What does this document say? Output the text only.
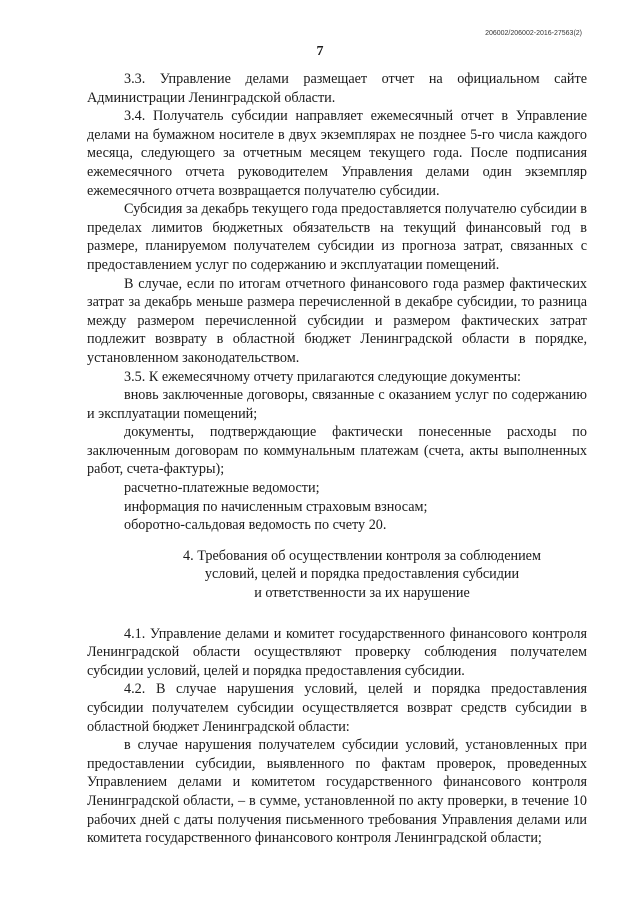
206002/206002-2016-27563(2)
7

3.3. Управление делами размещает отчет на официальном сайте Администрации Ленинградской области.

3.4. Получатель субсидии направляет ежемесячный отчет в Управление делами на бумажном носителе в двух экземплярах не позднее 5-го числа каждого месяца, следующего за отчетным месяцем текущего года. После подписания ежемесячного отчета руководителем Управления делами один экземпляр ежемесячного отчета возвращается получателю субсидии.

Субсидия за декабрь текущего года предоставляется получателю субсидии в пределах лимитов бюджетных обязательств на текущий финансовый год в размере, планируемом получателем субсидии из прогноза затрат, связанных с предоставлением услуг по содержанию и эксплуатации помещений.

В случае, если по итогам отчетного финансового года размер фактических затрат за декабрь меньше размера перечисленной в декабре субсидии, то разница между размером перечисленной субсидии и размером фактических затрат подлежит возврату в областной бюджет Ленинградской области в порядке, установленном законодательством.

3.5. К ежемесячному отчету прилагаются следующие документы:

вновь заключенные договоры, связанные с оказанием услуг по содержанию и эксплуатации помещений;

документы, подтверждающие фактически понесенные расходы по заключенным договорам по коммунальным платежам (счета, акты выполненных работ, счета-фактуры);

расчетно-платежные ведомости;

информация по начисленным страховым взносам;

оборотно-сальдовая ведомость по счету 20.

4. Требования об осуществлении контроля за соблюдением
условий, целей и порядка предоставления субсидии
и ответственности за их нарушение

4.1. Управление делами и комитет государственного финансового контроля Ленинградской области осуществляют проверку соблюдения получателем субсидии условий, целей и порядка предоставления субсидии.

4.2. В случае нарушения условий, целей и порядка предоставления субсидии получателем субсидии осуществляется возврат средств субсидии в областной бюджет Ленинградской области:

в случае нарушения получателем субсидии условий, установленных при предоставлении субсидии, выявленного по фактам проверок, проведенных Управлением делами и комитетом государственного финансового контроля Ленинградской области, – в сумме, установленной по акту проверки, в течение 10 рабочих дней с даты получения письменного требования Управления делами или комитета государственного финансового контроля Ленинградской области;
